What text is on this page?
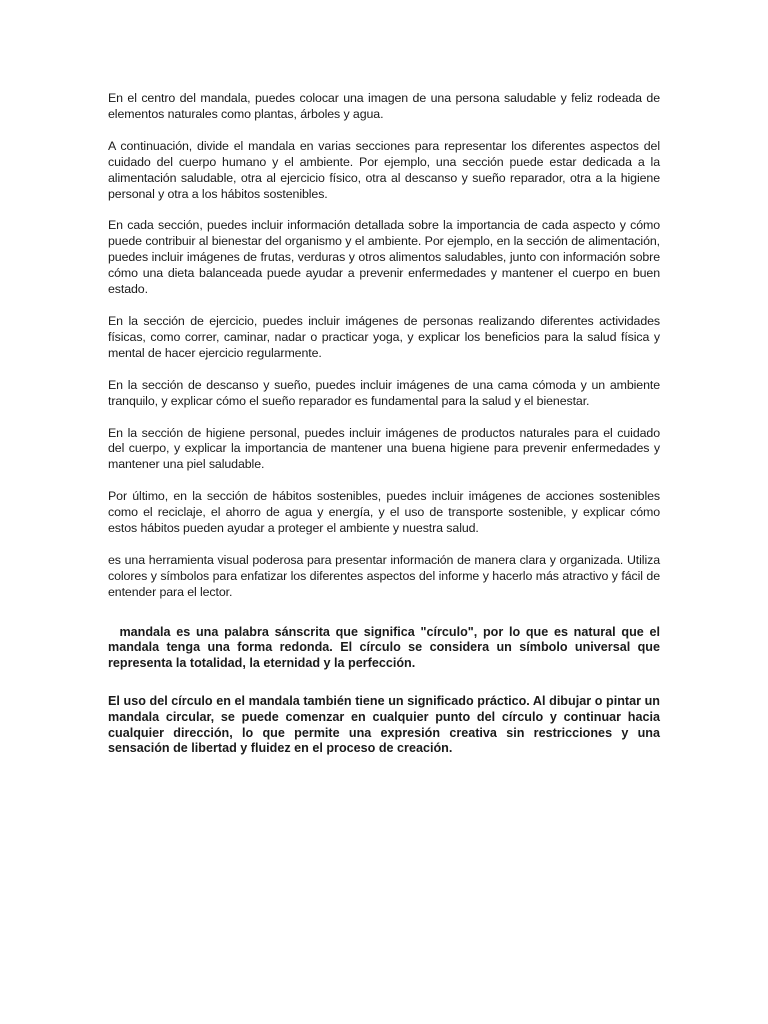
En el centro del mandala, puedes colocar una imagen de una persona saludable y feliz rodeada de elementos naturales como plantas, árboles y agua.

A continuación, divide el mandala en varias secciones para representar los diferentes aspectos del cuidado del cuerpo humano y el ambiente. Por ejemplo, una sección puede estar dedicada a la alimentación saludable, otra al ejercicio físico, otra al descanso y sueño reparador, otra a la higiene personal y otra a los hábitos sostenibles.

En cada sección, puedes incluir información detallada sobre la importancia de cada aspecto y cómo puede contribuir al bienestar del organismo y el ambiente. Por ejemplo, en la sección de alimentación, puedes incluir imágenes de frutas, verduras y otros alimentos saludables, junto con información sobre cómo una dieta balanceada puede ayudar a prevenir enfermedades y mantener el cuerpo en buen estado.

En la sección de ejercicio, puedes incluir imágenes de personas realizando diferentes actividades físicas, como correr, caminar, nadar o practicar yoga, y explicar los beneficios para la salud física y mental de hacer ejercicio regularmente.

En la sección de descanso y sueño, puedes incluir imágenes de una cama cómoda y un ambiente tranquilo, y explicar cómo el sueño reparador es fundamental para la salud y el bienestar.

En la sección de higiene personal, puedes incluir imágenes de productos naturales para el cuidado del cuerpo, y explicar la importancia de mantener una buena higiene para prevenir enfermedades y mantener una piel saludable.

Por último, en la sección de hábitos sostenibles, puedes incluir imágenes de acciones sostenibles como el reciclaje, el ahorro de agua y energía, y el uso de transporte sostenible, y explicar cómo estos hábitos pueden ayudar a proteger el ambiente y nuestra salud.

es una herramienta visual poderosa para presentar información de manera clara y organizada. Utiliza colores y símbolos para enfatizar los diferentes aspectos del informe y hacerlo más atractivo y fácil de entender para el lector.

mandala es una palabra sánscrita que significa "círculo", por lo que es natural que el mandala tenga una forma redonda. El círculo se considera un símbolo universal que representa la totalidad, la eternidad y la perfección.

El uso del círculo en el mandala también tiene un significado práctico. Al dibujar o pintar un mandala circular, se puede comenzar en cualquier punto del círculo y continuar hacia cualquier dirección, lo que permite una expresión creativa sin restricciones y una sensación de libertad y fluidez en el proceso de creación.
